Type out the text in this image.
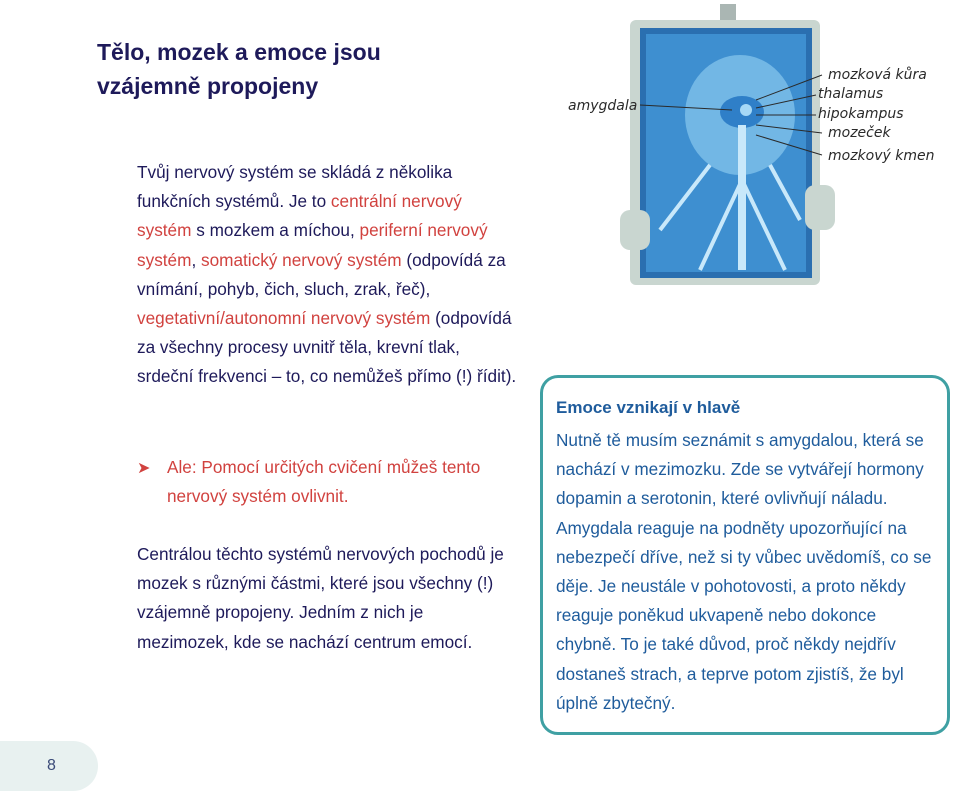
Tělo, mozek a emoce jsou
vzájemně propojeny
Tvůj nervový systém se skládá z několika funkčních systémů. Je to centrální nervový systém s mozkem a míchou, periferní nervový systém, somatický nervový systém (odpovídá za vnímání, pohyb, čich, sluch, zrak, řeč), vegetativní/autonomní nervový systém (odpovídá za všechny procesy uvnitř těla, krevní tlak, srdeční frekvenci – to, co nemůžeš přímo (!) řídit).
➤ Ale: Pomocí určitých cvičení můžeš tento nervový systém ovlivnit.
Centrálou těchto systémů nervových pochodů je mozek s různými částmi, které jsou všechny (!) vzájemně propojeny. Jedním z nich je mezimozek, kde se nachází centrum emocí.
amygdala
mozková kůra
thalamus
hipokampus
mozeček
mozkový kmen
Emoce vznikají v hlavě
Nutně tě musím seznámit s amygdalou, která se nachází v mezimozku. Zde se vytvářejí hormony dopamin a serotonin, které ovlivňují náladu. Amygdala reaguje na podněty upozorňující na nebezpečí dříve, než si ty vůbec uvědomíš, co se děje. Je neustále v pohotovosti, a proto někdy reaguje poněkud ukvapeně nebo dokonce chybně. To je také důvod, proč někdy nejdřív dostaneš strach, a teprve potom zjistíš, že byl úplně zbytečný.
8
